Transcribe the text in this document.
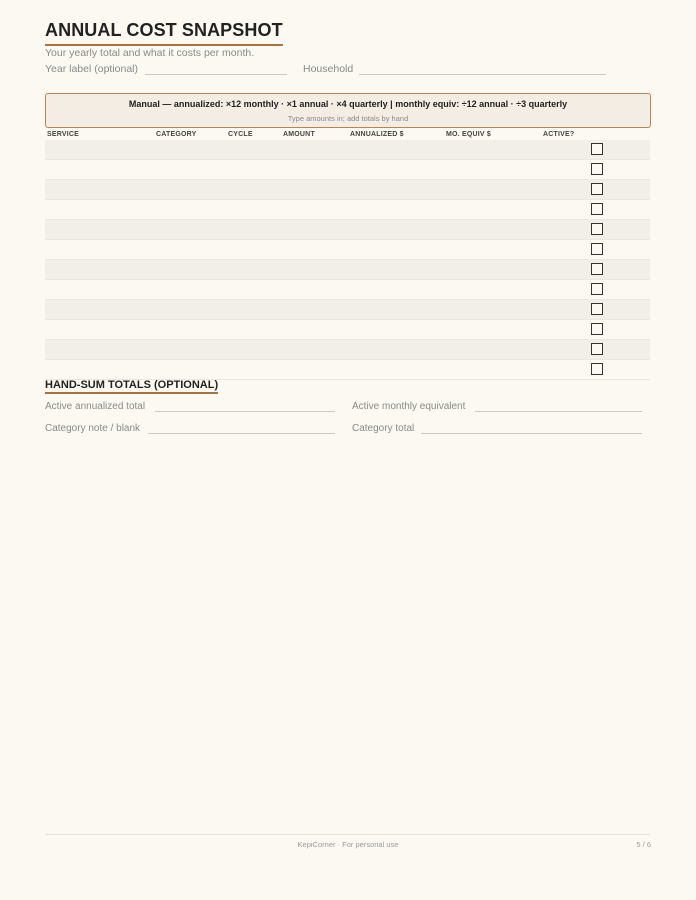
ANNUAL COST SNAPSHOT
Your yearly total and what it costs per month.
Year label (optional)	Household
Manual — annualized: ×12 monthly · ×1 annual · ×4 quarterly | monthly equiv: ÷12 annual · ÷3 quarterly
Type amounts in; add totals by hand
SERVICE	CATEGORY	CYCLE	AMOUNT	ANNUALIZED $	MO. EQUIV $	ACTIVE?
HAND-SUM TOTALS (OPTIONAL)
Active annualized total	Active monthly equivalent
Category note / blank	Category total
KepiCorner · For personal use	5 / 6
